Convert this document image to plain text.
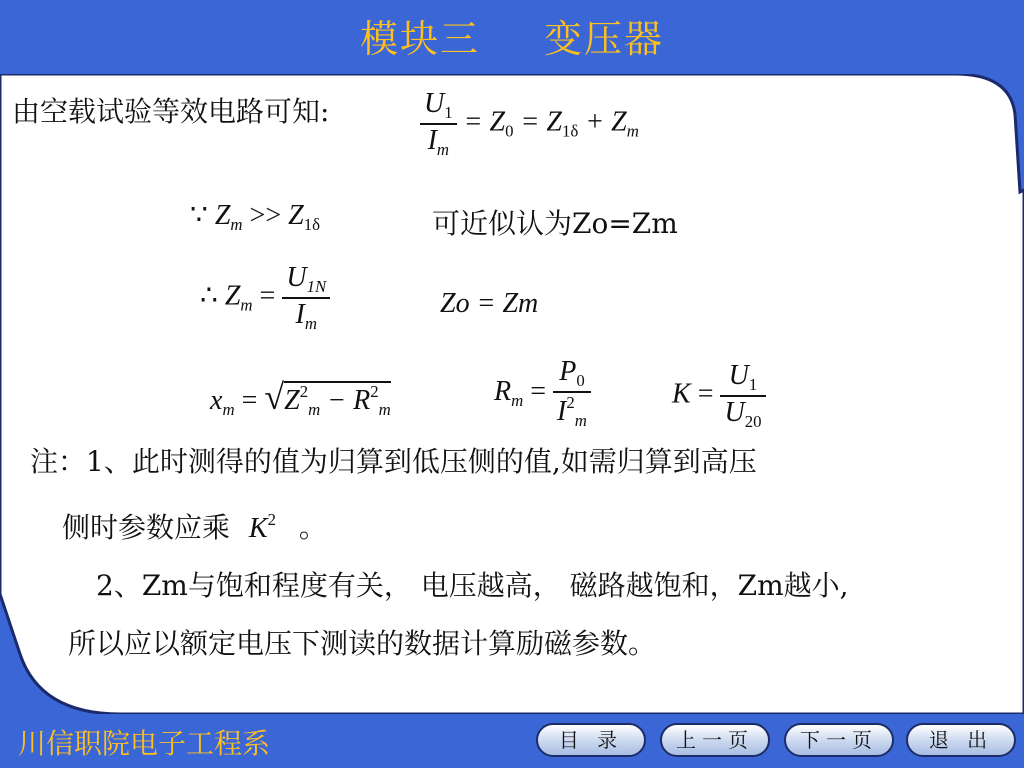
模块三 变压器
由空载试验等效电路可知:	$\frac{U_1}{I_m} = Z_0 = Z_{1\delta} + Z_m$
∵ $Z_m >> Z_{1\delta}$	可近似认为Zo=Zm
∴ $Z_m = \frac{U_{1N}}{I_m}$	Zo = Zm
$x_m = √Z^2_m - R^2_m$
$R_m = \frac{P_0}{I^2_m}$	$K = \frac{U_1}{U_{20}}$
注：1、此时测得的值为归算到低压侧的值,如需归算到高压
侧时参数应乘 $K^2$ 。
2、Zm与饱和程度有关， 电压越高， 磁路越饱和，Zm越小,
所以应以额定电压下测读的数据计算励磁参数。
川信职院电子工程系	目 录	上一页	下一页	退 出
